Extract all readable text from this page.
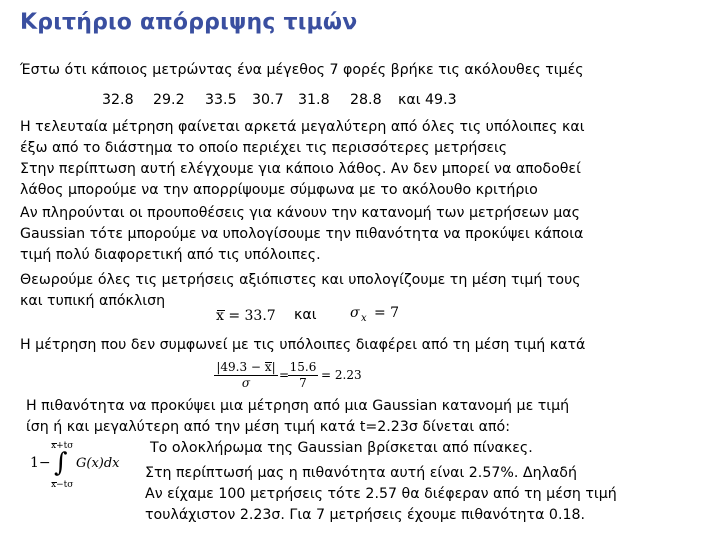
Κριτήριο απόρριψης τιμών
Έστω ότι κάποιος μετρώντας ένα μέγεθος 7 φορές βρήκε τις ακόλουθες τιμές
32.8 29.2 33.5 30.7 31.8 28.8 και 49.3
Η τελευταία μέτρηση φαίνεται αρκετά μεγαλύτερη από όλες τις υπόλοιπες και
έξω από το διάστημα το οποίο περιέχει τις περισσότερες μετρήσεις
Στην περίπτωση αυτή ελέγχουμε για κάποιο λάθος. Αν δεν μπορεί να αποδοθεί
λάθος μπορούμε να την απορρίψουμε σύμφωνα με το ακόλουθο κριτήριο
Αν πληρούνται οι προυποθέσεις για κάνουν την κατανομή των μετρήσεων μας
Gaussian τότε μπορούμε να υπολογίσουμε την πιθανότητα να προκύψει κάποια
τιμή πολύ διαφορετική από τις υπόλοιπες.
Θεωρούμε όλες τις μετρήσεις αξιόπιστες και υπολογίζουμε τη μέση τιμή τους
και τυπική απόκλιση
x = 33.7 και σ x = 7
Η μέτρηση που δεν συμφωνεί με τις υπόλοιπες διαφέρει από τη μέση τιμή κατά
$\frac{|49.3 - x|}{\sigma}$ =
$\frac{15.6}{7} = 2.23$
Η πιθανότητα να προκύψει μια μέτρηση από μια Gaussian κατανομή με τιμή
ίση ή και μεγαλύτερη από την μέση τιμή κατά t=2.23σ δίνεται από:
x+tσ
1− ∫ G(x)dx
x−tσ
Το ολοκλήρωμα της Gaussian βρίσκεται από πίνακες.
Στη περίπτωσή μας η πιθανότητα αυτή είναι 2.57%. Δηλαδή
Αν είχαμε 100 μετρήσεις τότε 2.57 θα διέφεραν από τη μέση τιμή
τουλάχιστον 2.23σ. Για 7 μετρήσεις έχουμε πιθανότητα 0.18.
